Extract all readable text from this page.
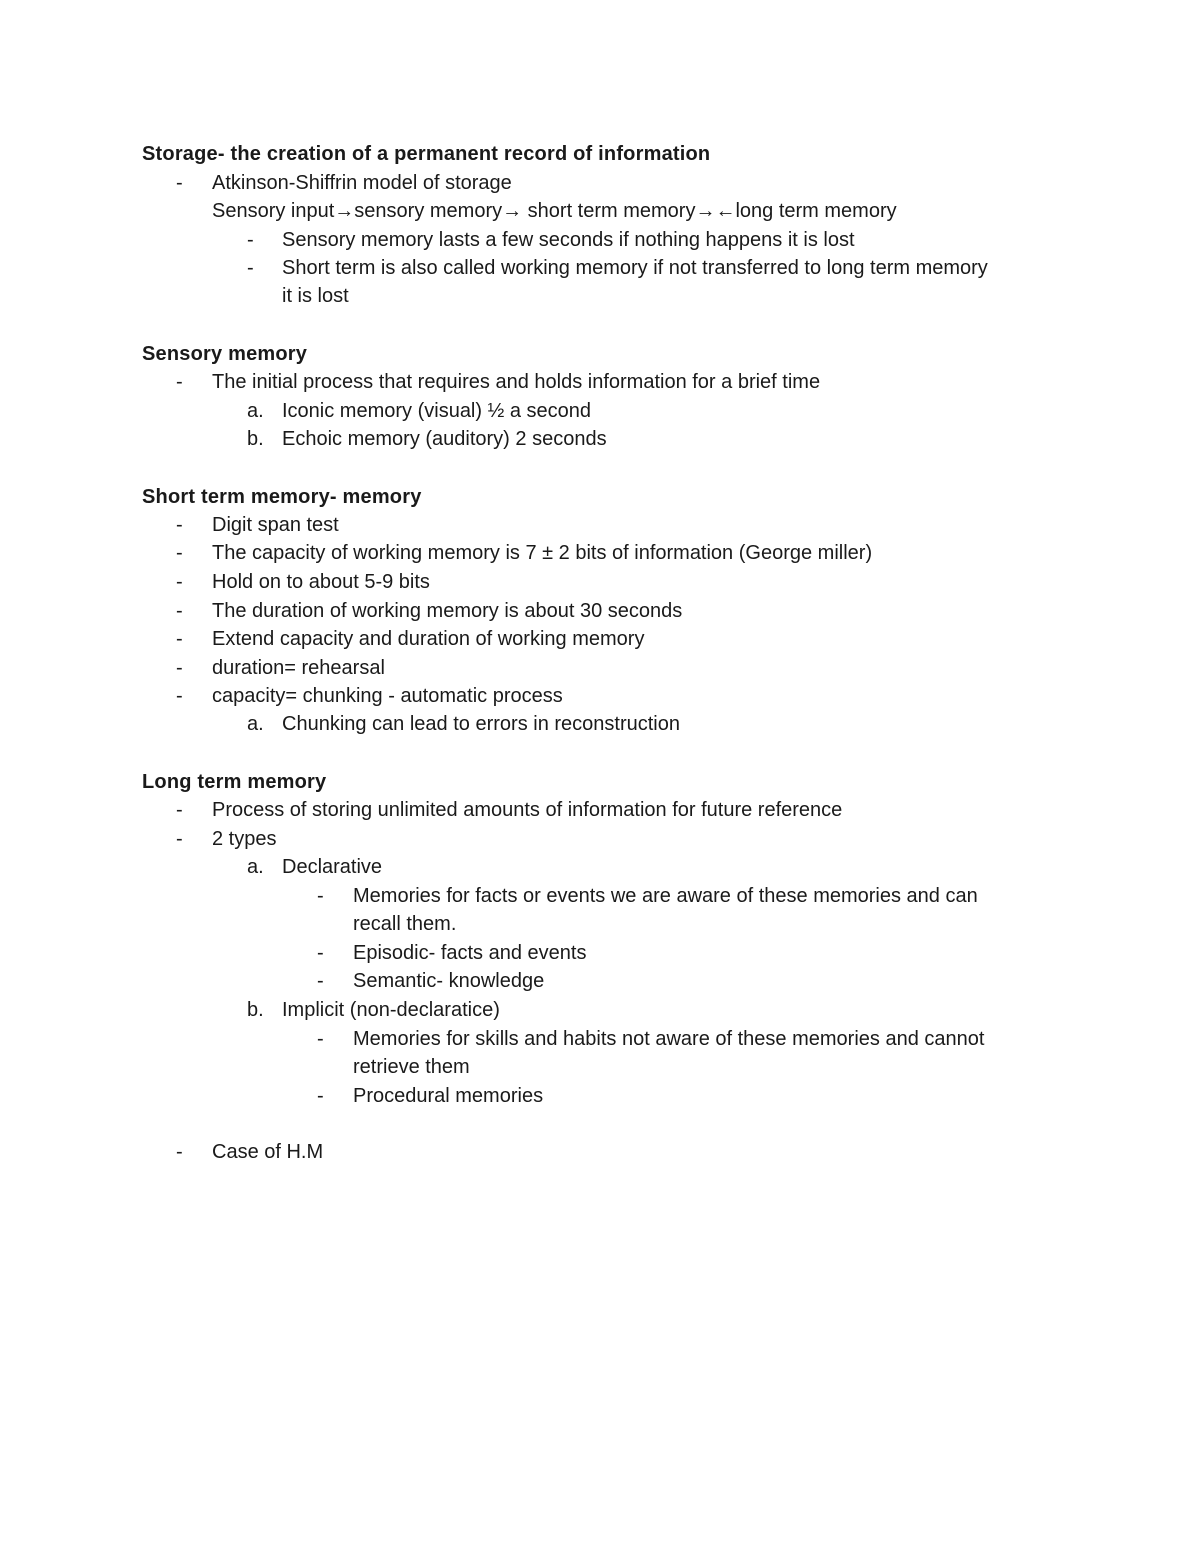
Storage- the creation of a permanent record of information
- Atkinson-Shiffrin model of storage
Sensory input→sensory memory→ short term memory→←long term memory
- Sensory memory lasts a few seconds if nothing happens it is lost
- Short term is also called working memory if not transferred to long term memory
it is lost
Sensory memory
- The initial process that requires and holds information for a brief time
a. Iconic memory (visual) ½ a second
b. Echoic memory (auditory) 2 seconds
Short term memory- memory
- Digit span test
- The capacity of working memory is 7 ± 2 bits of information (George miller)
- Hold on to about 5-9 bits
- The duration of working memory is about 30 seconds
- Extend capacity and duration of working memory
- duration= rehearsal
- capacity= chunking - automatic process
a. Chunking can lead to errors in reconstruction
Long term memory
- Process of storing unlimited amounts of information for future reference
- 2 types
a. Declarative
- Memories for facts or events we are aware of these memories and can
recall them.
- Episodic- facts and events
- Semantic- knowledge
b. Implicit (non-declaratice)
- Memories for skills and habits not aware of these memories and cannot
retrieve them
- Procedural memories
- Case of H.M
